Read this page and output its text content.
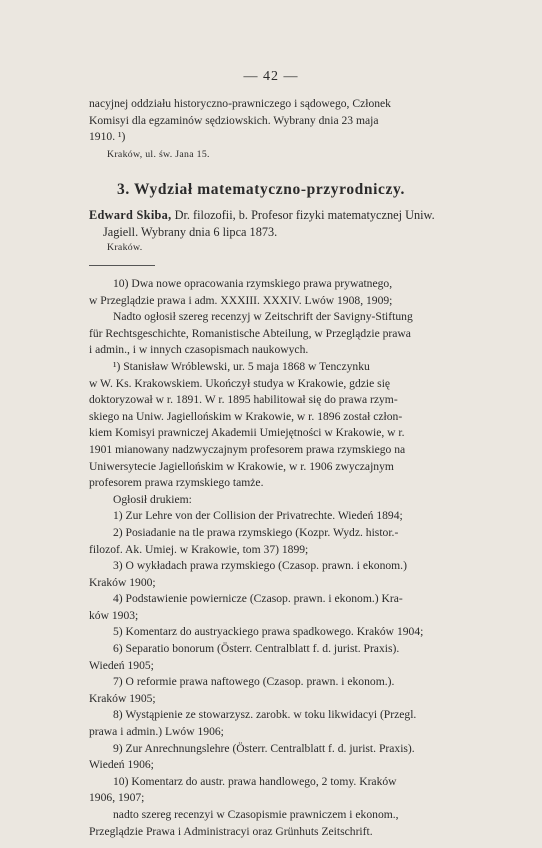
— 42 —

nacyjnej oddziału historyczno-prawniczego i sądowego, Członek

Komisyi dla egzaminów sędziowskich. Wybrany dnia 23 maja

1910. ¹)

Kraków, ul. św. Jana 15.

3. Wydział matematyczno-przyrodniczy.

Edward Skiba, Dr. filozofii, b. Profesor fizyki matematycznej Uniw.

Jagiell. Wybrany dnia 6 lipca 1873.

Kraków.

10) Dwa nowe opracowania rzymskiego prawa prywatnego,

w Przeglądzie prawa i adm. XXXIII. XXXIV. Lwów 1908, 1909;

Nadto ogłosił szereg recenzyj w Zeitschrift der Savigny-Stiftung

für Rechtsgeschichte, Romanistische Abteilung, w Przeglądzie prawa

i admin., i w innych czasopismach naukowych.

¹) Stanisław Wróblewski, ur. 5 maja 1868 w Tenczynku

w W. Ks. Krakowskiem. Ukończył studya w Krakowie, gdzie się

doktoryzował w r. 1891. W r. 1895 habilitował się do prawa rzym-

skiego na Uniw. Jagiellońskim w Krakowie, w r. 1896 został człon-

kiem Komisyi prawniczej Akademii Umiejętności w Krakowie, w r.

1901 mianowany nadzwyczajnym profesorem prawa rzymskiego na

Uniwersytecie Jagiellońskim w Krakowie, w r. 1906 zwyczajnym

profesorem prawa rzymskiego tamże.

Ogłosił drukiem:

1) Zur Lehre von der Collision der Privatrechte. Wiedeń 1894;

2) Posiadanie na tle prawa rzymskiego (Kozpr. Wydz. histor.-

filozof. Ak. Umiej. w Krakowie, tom 37) 1899;

3) O wykładach prawa rzymskiego (Czasop. prawn. i ekonom.)

Kraków 1900;

4) Podstawienie powiernicze (Czasop. prawn. i ekonom.) Kra-

ków 1903;

5) Komentarz do austryackiego prawa spadkowego. Kraków 1904;

6) Separatio bonorum (Österr. Centralblatt f. d. jurist. Praxis).

Wiedeń 1905;

7) O reformie prawa naftowego (Czasop. prawn. i ekonom.).

Kraków 1905;

8) Wystąpienie ze stowarzysz. zarobk. w toku likwidacyi (Przegl.

prawa i admin.) Lwów 1906;

9) Zur Anrechnungslehre (Österr. Centralblatt f. d. jurist. Praxis).

Wiedeń 1906;

10) Komentarz do austr. prawa handlowego, 2 tomy. Kraków

1906, 1907;

nadto szereg recenzyi w Czasopismie prawniczem i ekonom.,

Przeglądzie Prawa i Administracyi oraz Grünhuts Zeitschrift.
